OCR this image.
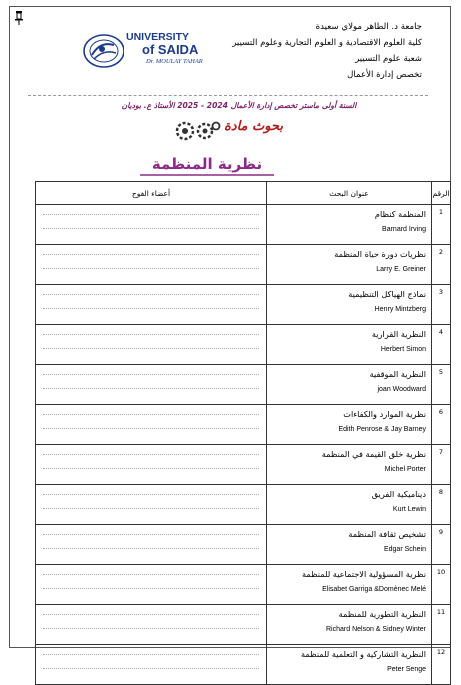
جامعة د. الطاهر مولاي سعيدة
كلية العلوم الاقتصادية و العلوم التجارية وعلوم التسيير
شعبة علوم التسيير
تخصص إدارة الأعمال
UNIVERSITY
of SAIDA
Dr. MOULAY TAHAR
السنة أولى ماستر تخصص إدارة الأعمال 2024 - 2025 الأستاذ ع. بوديان
بحوث مادة
نظرية المنظمة
الرقم	عنوان البحث	أعضاء الفوج
1	المنظمة كنظام
Barnard Irving	

2	نظريات دورة حياة المنظمة
Larry E. Greiner	

3	نماذج الهياكل التنظيمية
Henry Mintzberg	

4	النظرية القرارية
Herbert Simon	

5	النظرية الموقفية
joan Woodward	

6	نظرية الموارد والكفاءات
Edith Penrose & Jay Barney	

7	نظرية خلق القيمة في المنظمة
Michel Porter	

8	ديناميكية الفريق
Kurt Lewin	

9	تشخيص ثقافة المنظمة
Edgar Schein	

10	نظرية المسؤولية الاجتماعية للمنظمة
Elisabet Garriga &Domènec Melé	

11	النظرية التطورية للمنظمة
Richard Nelson & Sidney Winter	

12	النظرية التشاركية و التعلمية للمنظمة
Peter Senge	
